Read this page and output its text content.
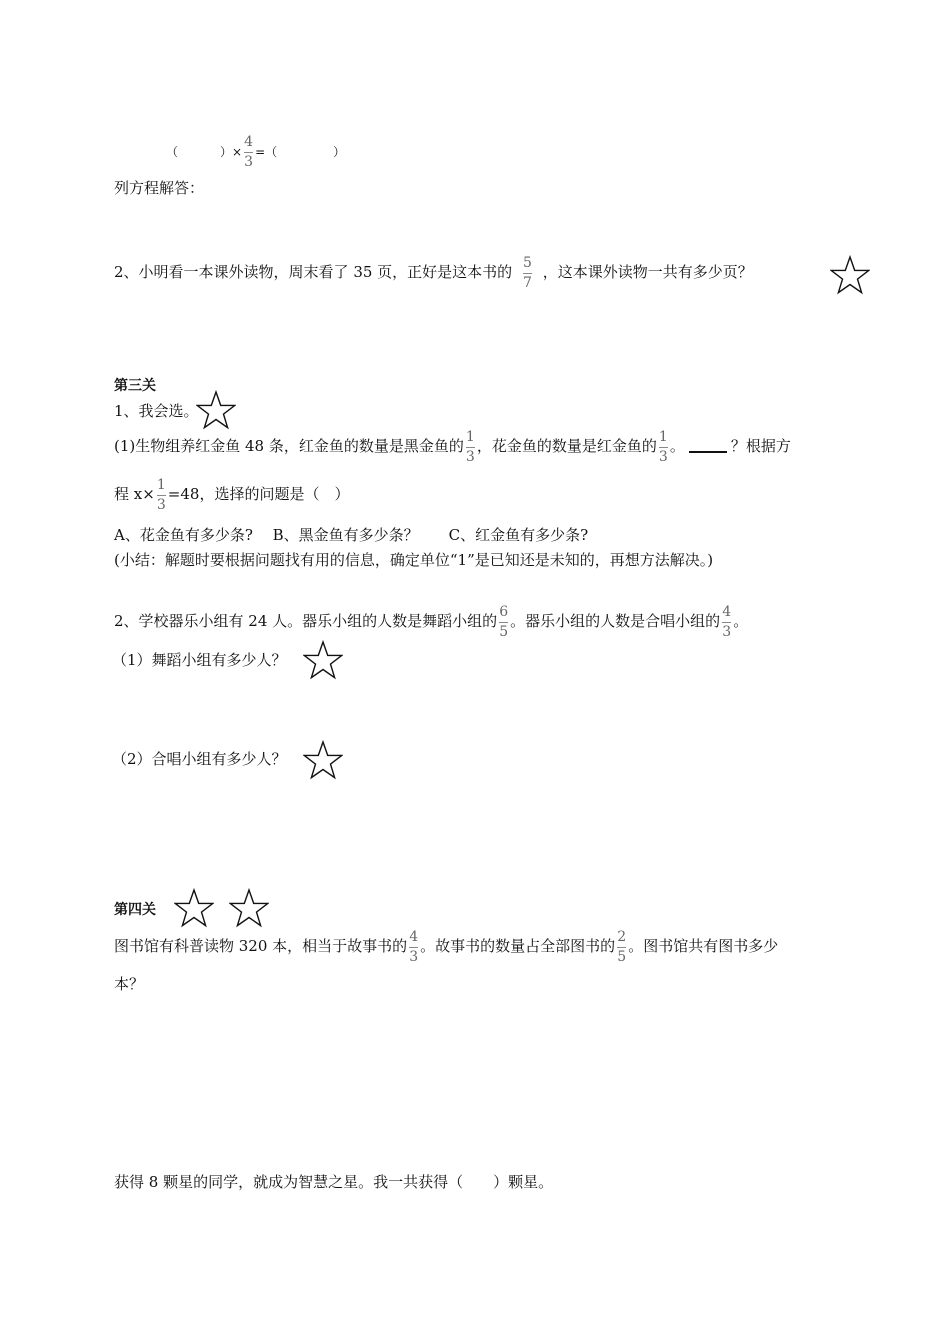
（	）× $\frac{4}{3}$ =（	）
列方程解答：
2、小明看一本课外读物，周末看了 35 页，正好是这本书的 $\frac{5}{7}$ ，这本课外读物一共有多少页？
第三关
1、我会选。
(1)生物组养红金鱼 48 条，红金鱼的数量是黑金鱼的 $\frac{1}{3}$ ，花金鱼的数量是红金鱼的 $\frac{1}{3}$ 。	？根据方
程 $x\times \frac{1}{3} =48$，选择的问题是（　）
A、花金鱼有多少条?　 B、黑金鱼有多少条？　　C、红金鱼有多少条?
(小结：解题时要根据问题找有用的信息，确定单位“1”是已知还是未知的，再想方法解决。)
2、学校器乐小组有 24 人。器乐小组的人数是舞蹈小组的 $\frac{6}{5}$ 。器乐小组的人数是合唱小组的 $\frac{4}{3}$ 。
（1）舞蹈小组有多少人？
（2）合唱小组有多少人？
第四关
图书馆有科普读物 320 本，相当于故事书的 $\frac{4}{3}$ 。故事书的数量占全部图书的 $\frac{2}{5}$ 。图书馆共有图书多少
本？
获得 8 颗星的同学，就成为智慧之星。我一共获得（　　）颗星。
